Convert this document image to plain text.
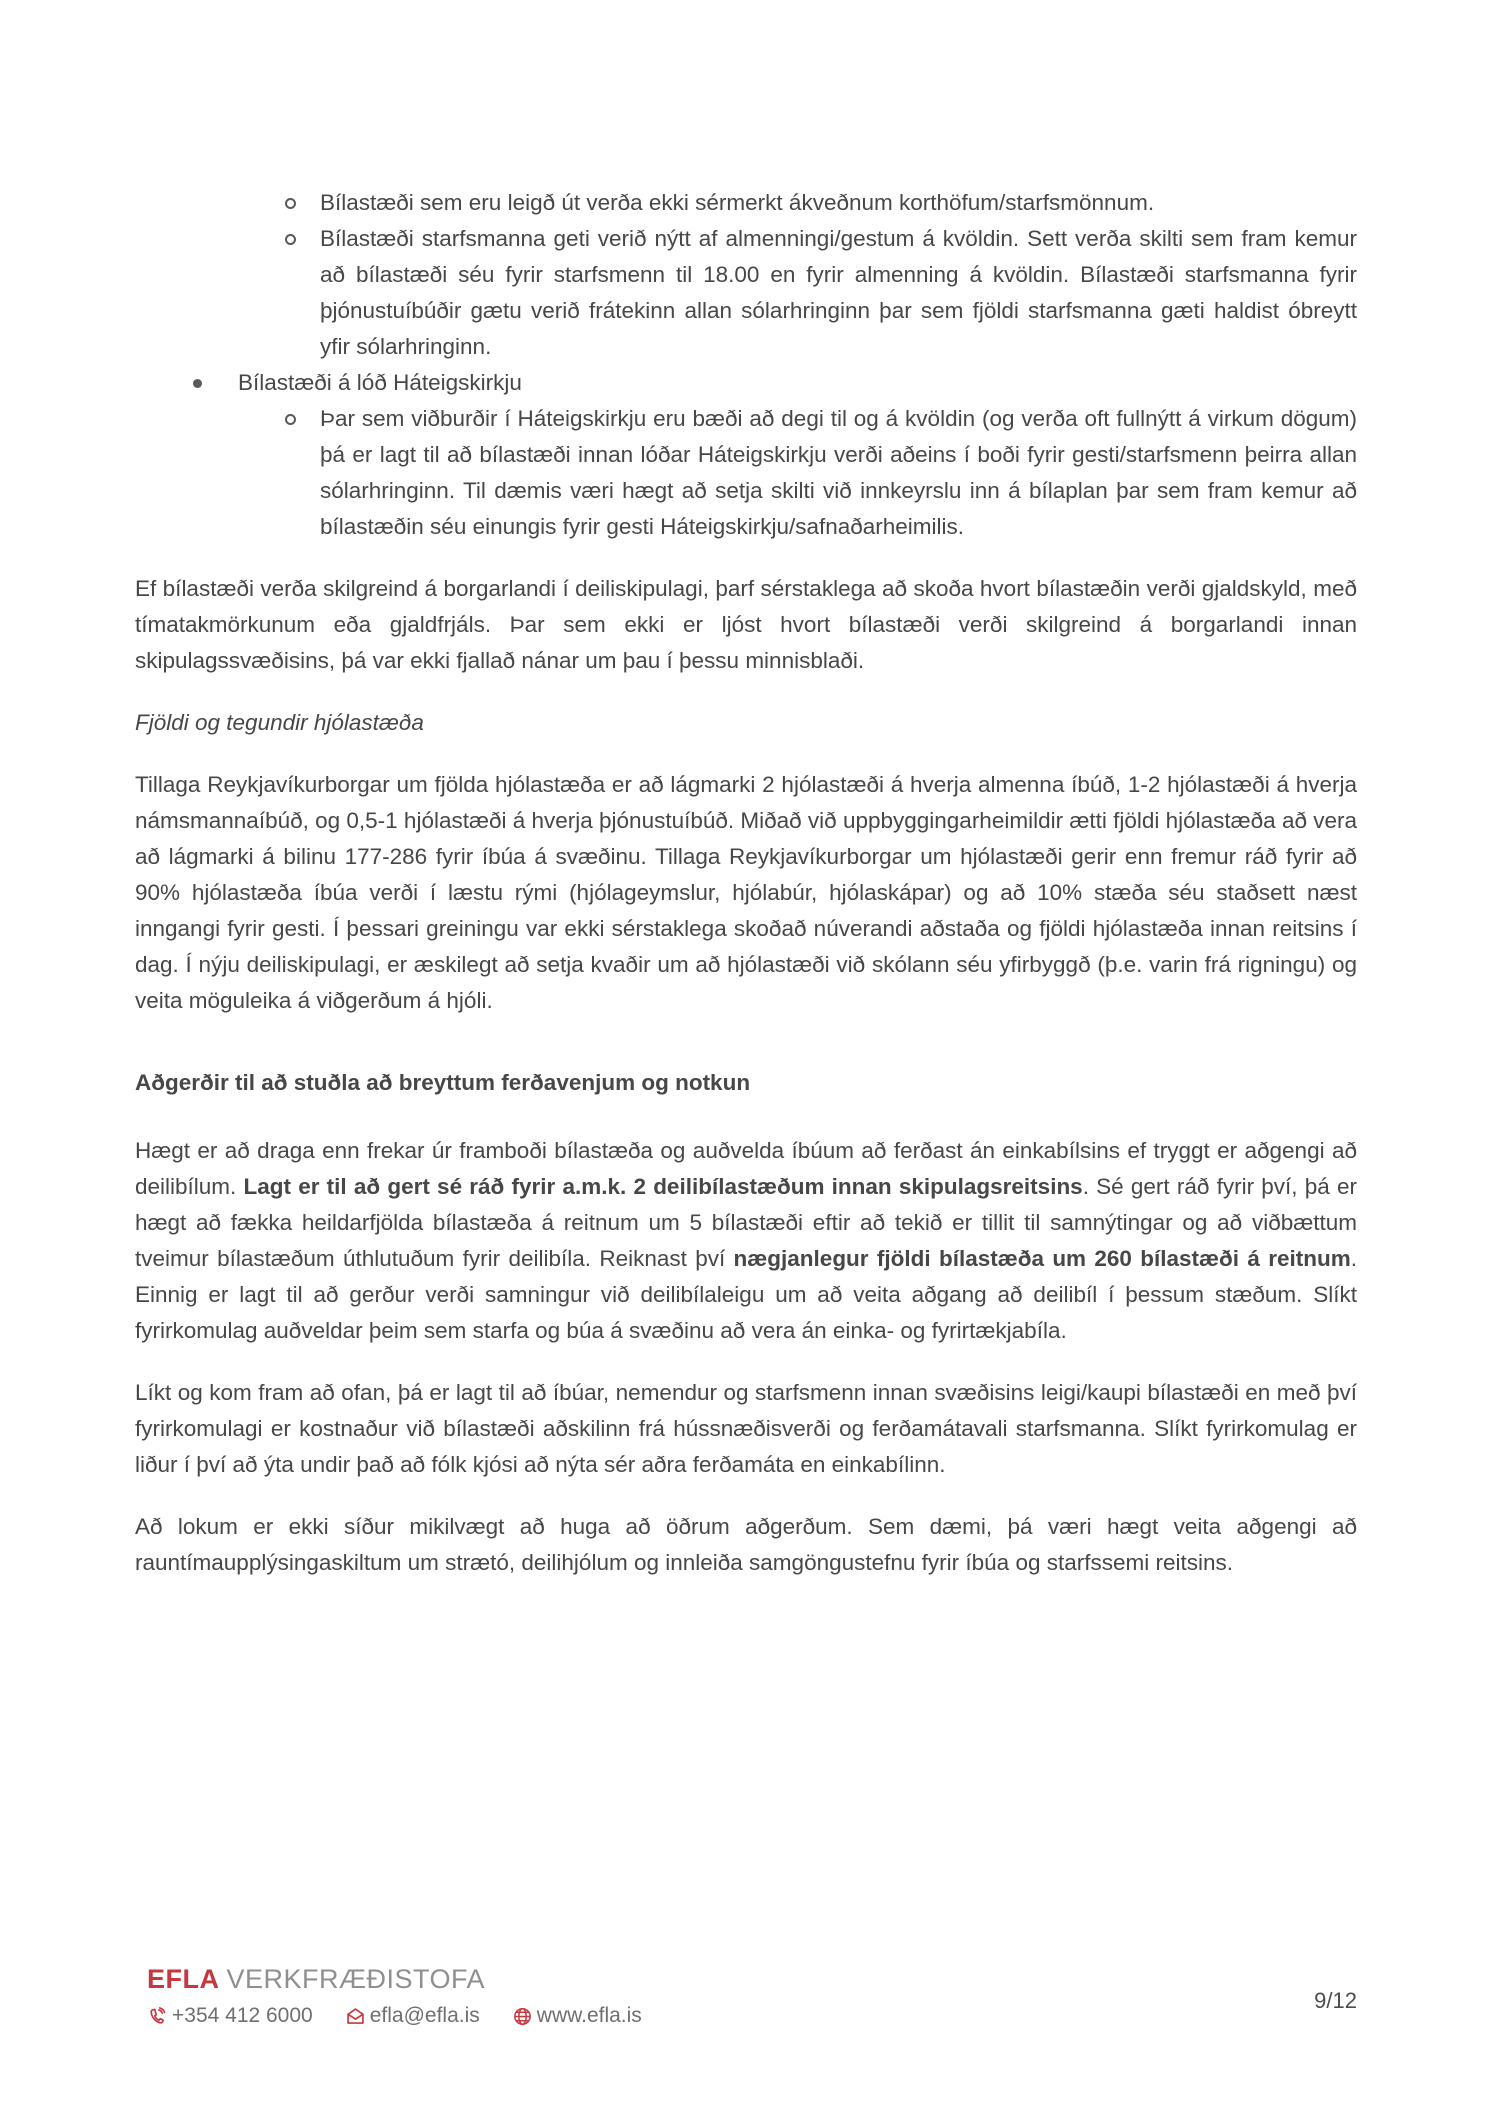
Bílastæði sem eru leigð út verða ekki sérmerkt ákveðnum korthöfum/starfsmönnum.
Bílastæði starfsmanna geti verið nýtt af almenningi/gestum á kvöldin. Sett verða skilti sem fram kemur að bílastæði séu fyrir starfsmenn til 18.00 en fyrir almenning á kvöldin. Bílastæði starfsmanna fyrir þjónustuíbúðir gætu verið frátekinn allan sólarhringinn þar sem fjöldi starfsmanna gæti haldist óbreytt yfir sólarhringinn.
Bílastæði á lóð Háteigskirkju
Þar sem viðburðir í Háteigskirkju eru bæði að degi til og á kvöldin (og verða oft fullnýtt á virkum dögum) þá er lagt til að bílastæði innan lóðar Háteigskirkju verði aðeins í boði fyrir gesti/starfsmenn þeirra allan sólarhringinn. Til dæmis væri hægt að setja skilti við innkeyrslu inn á bílaplan þar sem fram kemur að bílastæðin séu einungis fyrir gesti Háteigskirkju/safnaðarheimilis.

Ef bílastæði verða skilgreind á borgarlandi í deiliskipulagi, þarf sérstaklega að skoða hvort bílastæðin verði gjaldskyld, með tímatakmörkunum eða gjaldfrjáls. Þar sem ekki er ljóst hvort bílastæði verði skilgreind á borgarlandi innan skipulagssvæðisins, þá var ekki fjallað nánar um þau í þessu minnisblaði.

Fjöldi og tegundir hjólastæða

Tillaga Reykjavíkurborgar um fjölda hjólastæða er að lágmarki 2 hjólastæði á hverja almenna íbúð, 1-2 hjólastæði á hverja námsmannaíbúð, og 0,5-1 hjólastæði á hverja þjónustuíbúð. Miðað við uppbyggingarheimildir ætti fjöldi hjólastæða að vera að lágmarki á bilinu 177-286 fyrir íbúa á svæðinu. Tillaga Reykjavíkurborgar um hjólastæði gerir enn fremur ráð fyrir að 90% hjólastæða íbúa verði í læstu rými (hjólageymslur, hjólabúr, hjólaskápar) og að 10% stæða séu staðsett næst inngangi fyrir gesti. Í þessari greiningu var ekki sérstaklega skoðað núverandi aðstaða og fjöldi hjólastæða innan reitsins í dag. Í nýju deiliskipulagi, er æskilegt að setja kvaðir um að hjólastæði við skólann séu yfirbyggð (þ.e. varin frá rigningu) og veita möguleika á viðgerðum á hjóli.

Aðgerðir til að stuðla að breyttum ferðavenjum og notkun

Hægt er að draga enn frekar úr framboði bílastæða og auðvelda íbúum að ferðast án einkabílsins ef tryggt er aðgengi að deilibílum. Lagt er til að gert sé ráð fyrir a.m.k. 2 deilibílastæðum innan skipulagsreitsins. Sé gert ráð fyrir því, þá er hægt að fækka heildarfjölda bílastæða á reitnum um 5 bílastæði eftir að tekið er tillit til samnýtingar og að viðbættum tveimur bílastæðum úthlutuðum fyrir deilibíla. Reiknast því nægjanlegur fjöldi bílastæða um 260 bílastæði á reitnum. Einnig er lagt til að gerður verði samningur við deilibílaleigu um að veita aðgang að deilibíl í þessum stæðum. Slíkt fyrirkomulag auðveldar þeim sem starfa og búa á svæðinu að vera án einka- og fyrirtækjabíla.

Líkt og kom fram að ofan, þá er lagt til að íbúar, nemendur og starfsmenn innan svæðisins leigi/kaupi bílastæði en með því fyrirkomulagi er kostnaður við bílastæði aðskilinn frá hússnæðisverði og ferðamátavali starfsmanna. Slíkt fyrirkomulag er liður í því að ýta undir það að fólk kjósi að nýta sér aðra ferðamáta en einkabílinn.

Að lokum er ekki síður mikilvægt að huga að öðrum aðgerðum. Sem dæmi, þá væri hægt veita aðgengi að rauntímaupplýsingaskiltum um strætó, deilihjólum og innleiða samgöngustefnu fyrir íbúa og starfssemi reitsins.

EFLA VERKFRÆÐISTOFA
+354 412 6000	efla@efla.is	www.efla.is
9/12
